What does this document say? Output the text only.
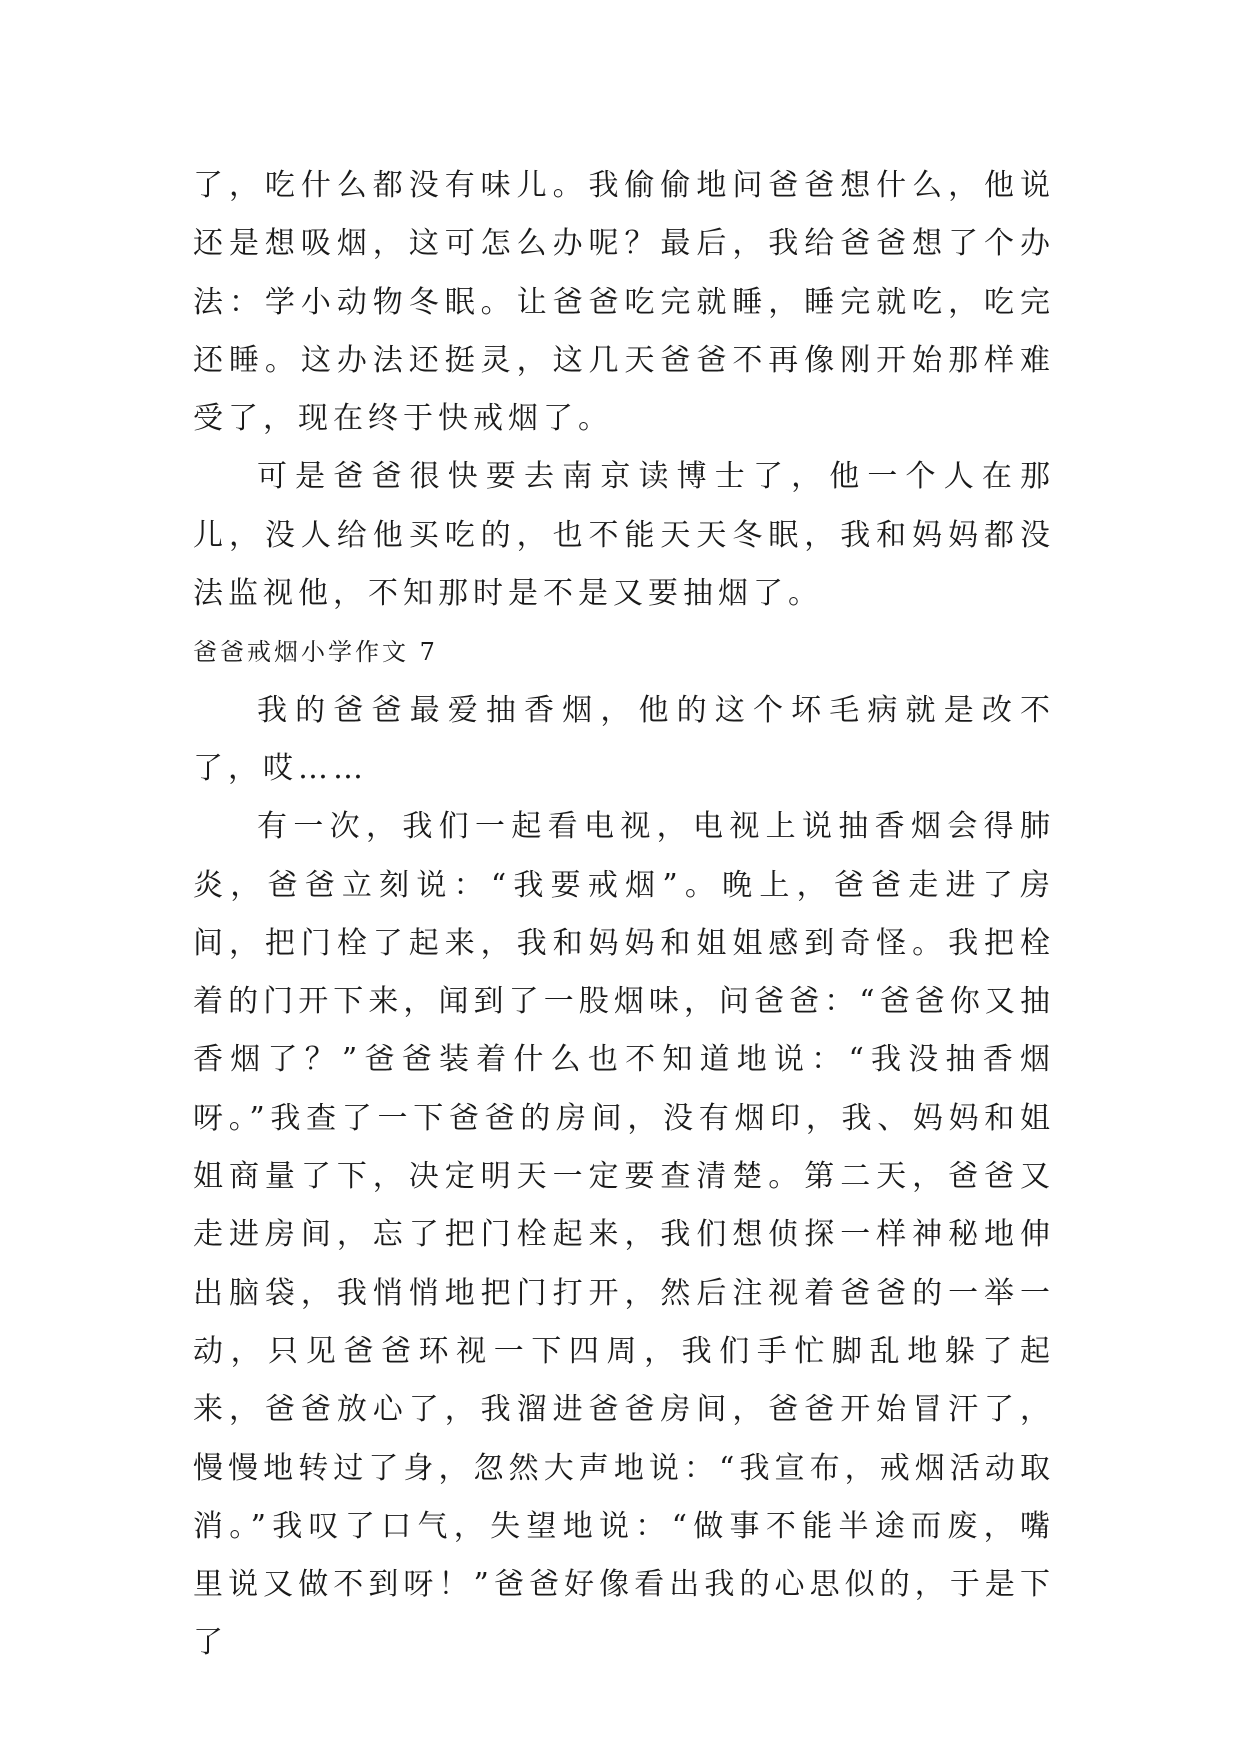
了，吃什么都没有味儿。我偷偷地问爸爸想什么，他说还是想吸烟，这可怎么办呢？最后，我给爸爸想了个办法：学小动物冬眠。让爸爸吃完就睡，睡完就吃，吃完还睡。这办法还挺灵，这几天爸爸不再像刚开始那样难受了，现在终于快戒烟了。

可是爸爸很快要去南京读博士了，他一个人在那儿，没人给他买吃的，也不能天天冬眠，我和妈妈都没法监视他，不知那时是不是又要抽烟了。

爸爸戒烟小学作文 7

我的爸爸最爱抽香烟，他的这个坏毛病就是改不了，哎……

有一次，我们一起看电视，电视上说抽香烟会得肺炎，爸爸立刻说：“我要戒烟”。晚上，爸爸走进了房间，把门栓了起来，我和妈妈和姐姐感到奇怪。我把栓着的门开下来，闻到了一股烟味，问爸爸：“爸爸你又抽香烟了？”爸爸装着什么也不知道地说：“我没抽香烟呀。”我查了一下爸爸的房间，没有烟印，我、妈妈和姐姐商量了下，决定明天一定要查清楚。第二天，爸爸又走进房间，忘了把门栓起来，我们想侦探一样神秘地伸出脑袋，我悄悄地把门打开，然后注视着爸爸的一举一动，只见爸爸环视一下四周，我们手忙脚乱地躲了起来，爸爸放心了，我溜进爸爸房间，爸爸开始冒汗了，慢慢地转过了身，忽然大声地说：“我宣布，戒烟活动取消。”我叹了口气，失望地说：“做事不能半途而废，嘴里说又做不到呀！”爸爸好像看出我的心思似的，于是下了
